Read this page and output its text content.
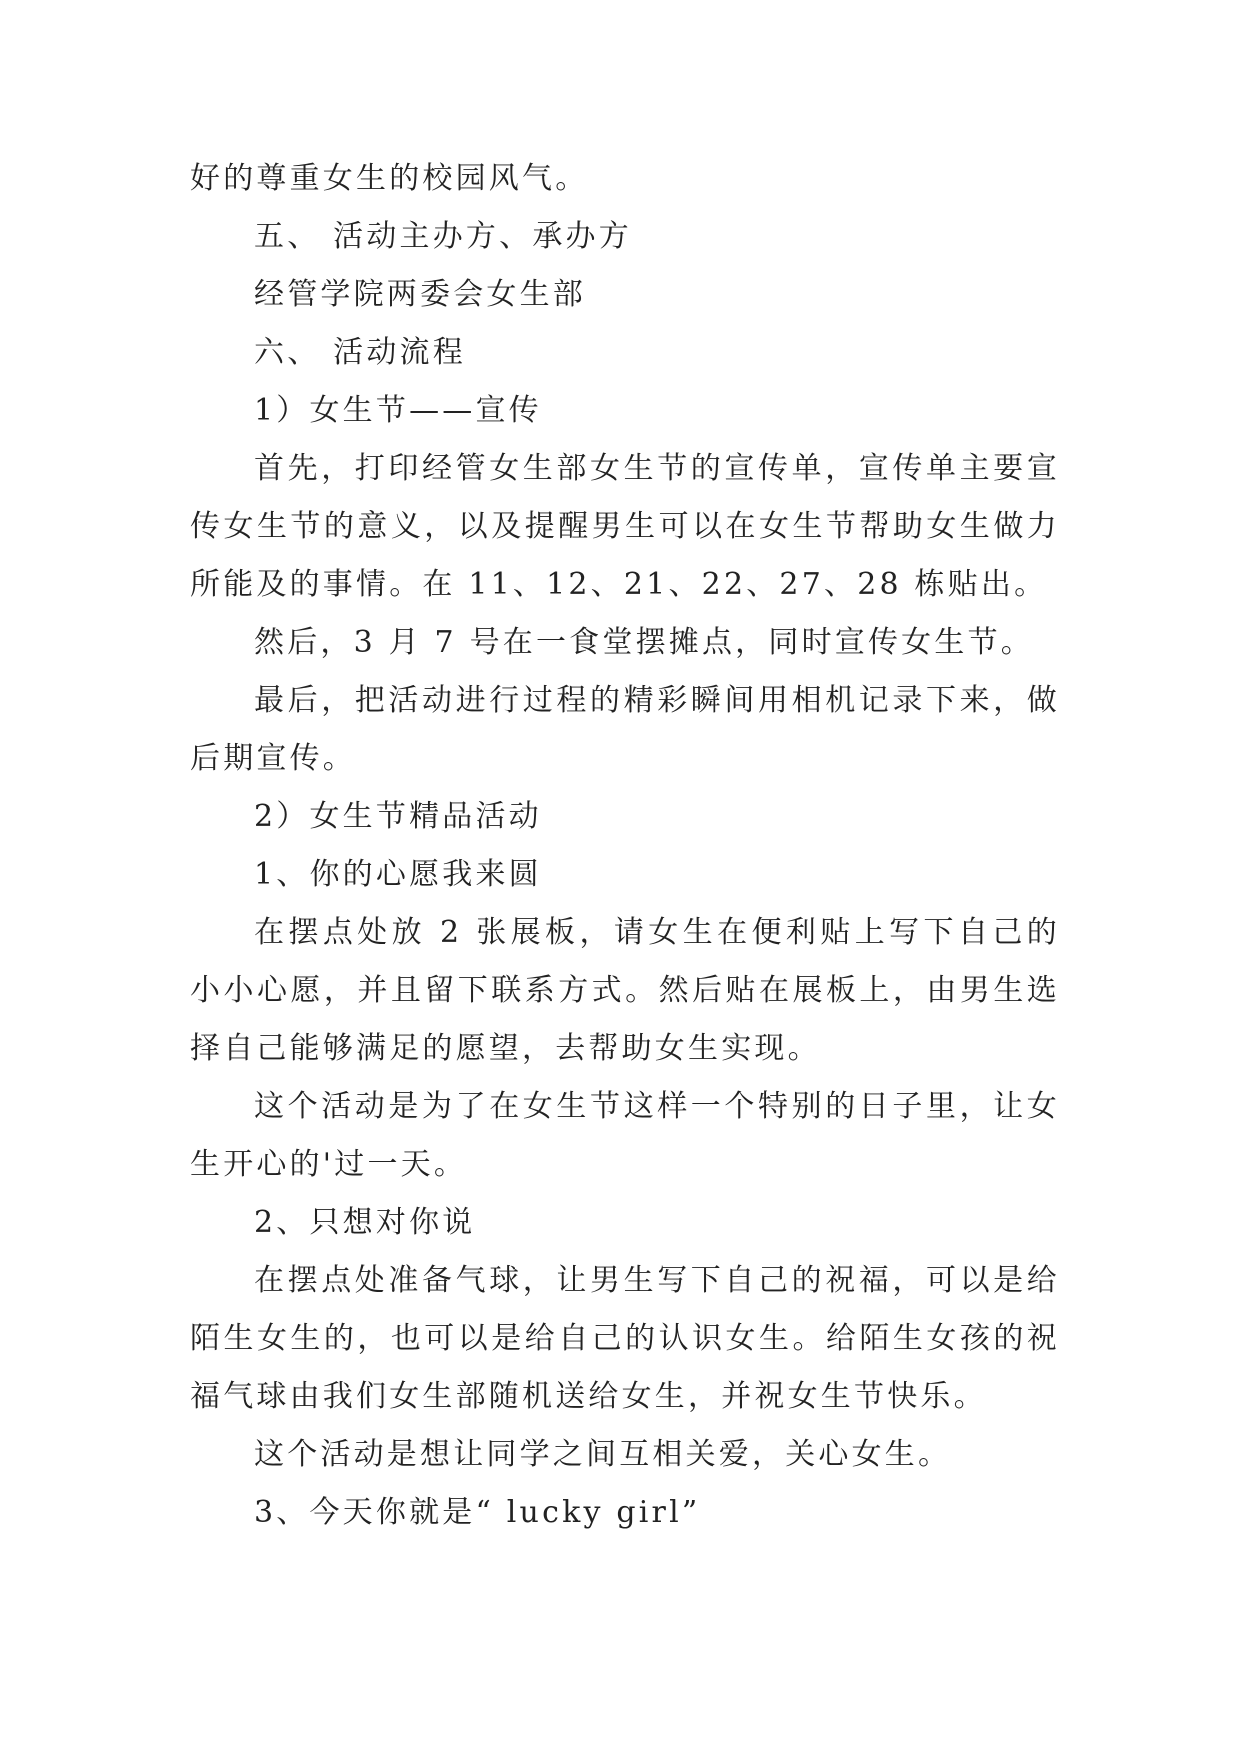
好的尊重女生的校园风气。

五、 活动主办方、承办方

经管学院两委会女生部

六、 活动流程

1）女生节——宣传

首先，打印经管女生部女生节的宣传单，宣传单主要宣传女生节的意义，以及提醒男生可以在女生节帮助女生做力所能及的事情。在 11、12、21、22、27、28 栋贴出。

然后，3 月 7 号在一食堂摆摊点，同时宣传女生节。

最后，把活动进行过程的精彩瞬间用相机记录下来，做后期宣传。

2）女生节精品活动

1、你的心愿我来圆

在摆点处放 2 张展板，请女生在便利贴上写下自己的小小心愿，并且留下联系方式。然后贴在展板上，由男生选择自己能够满足的愿望，去帮助女生实现。

这个活动是为了在女生节这样一个特别的日子里，让女生开心的'过一天。

2、只想对你说

在摆点处准备气球，让男生写下自己的祝福，可以是给陌生女生的，也可以是给自己的认识女生。给陌生女孩的祝福气球由我们女生部随机送给女生，并祝女生节快乐。

这个活动是想让同学之间互相关爱，关心女生。

3、今天你就是“ lucky girl”
